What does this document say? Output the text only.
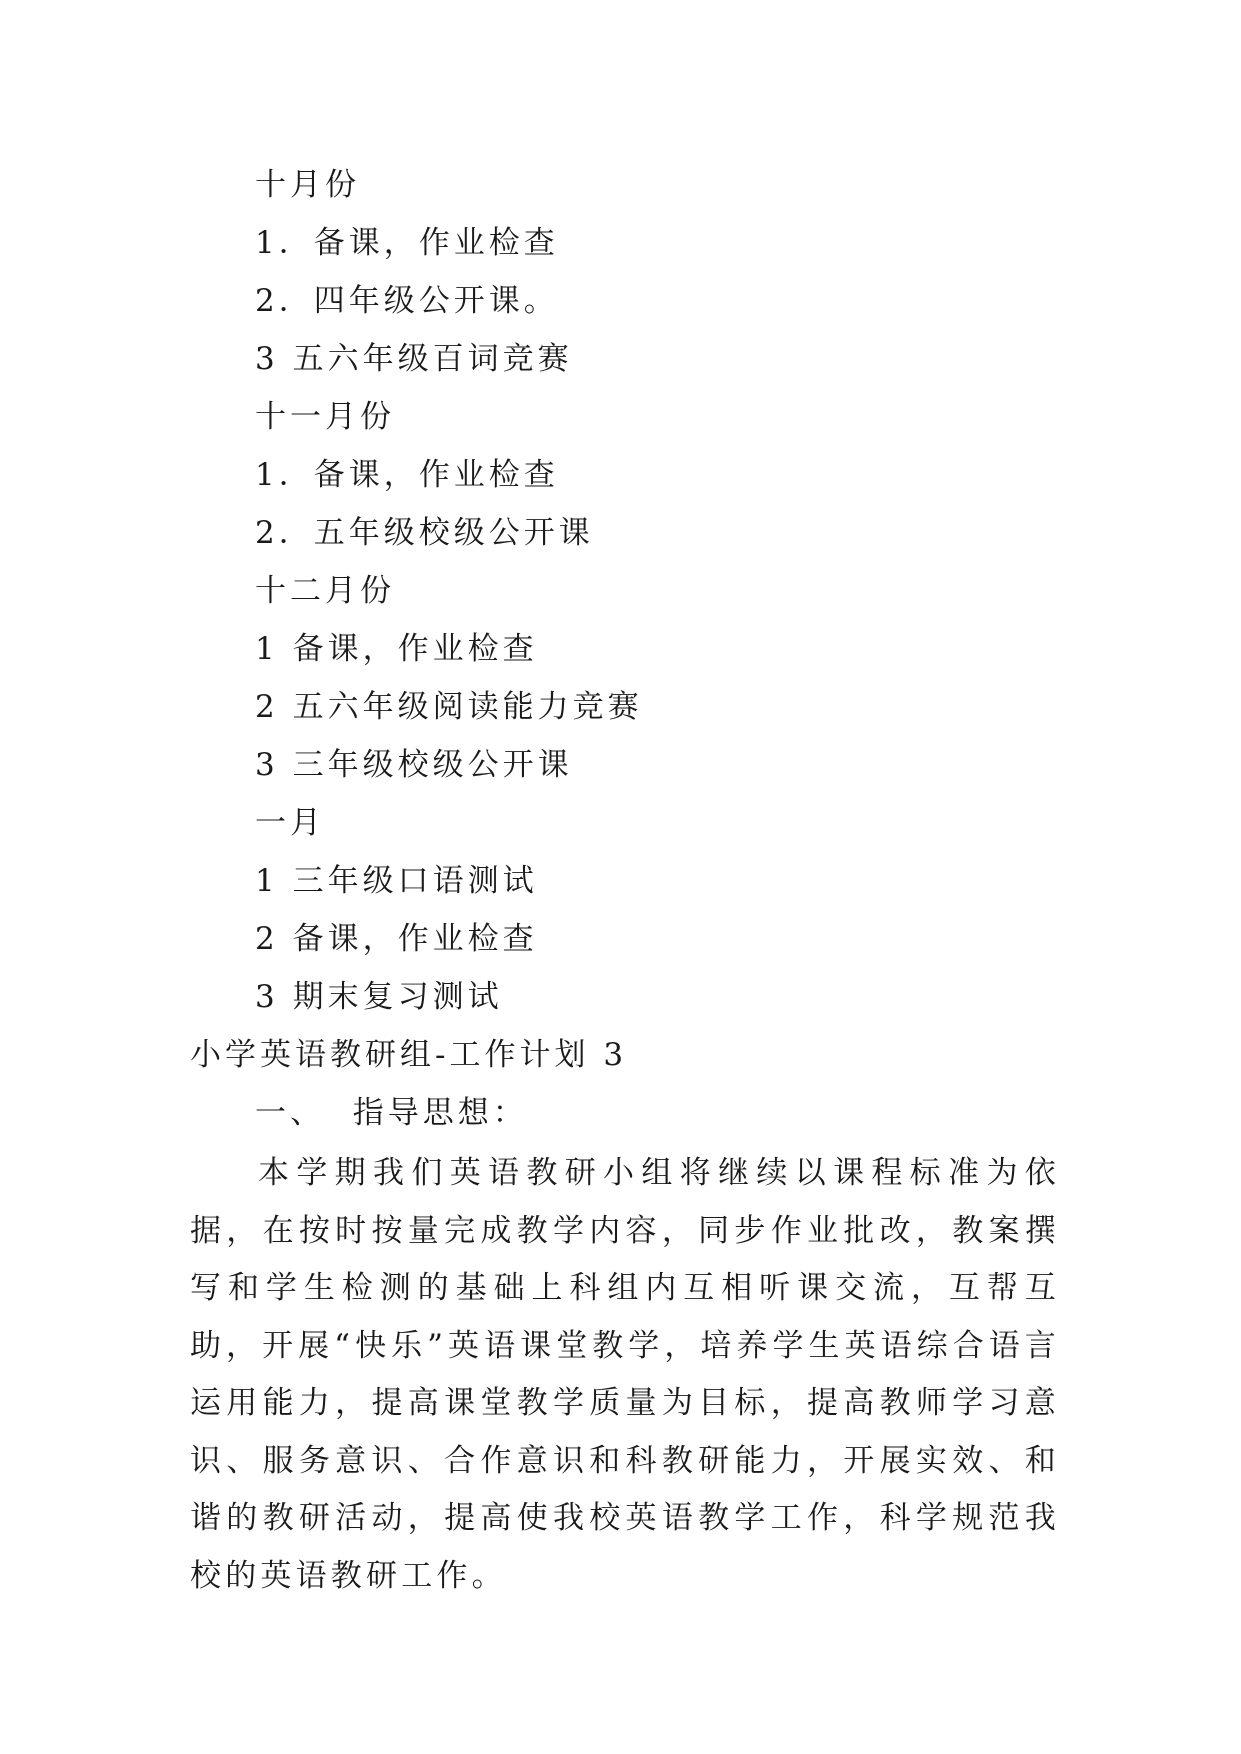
十月份
1．备课，作业检查
2．四年级公开课。
3 五六年级百词竞赛
十一月份
1．备课，作业检查
2．五年级校级公开课
十二月份
1 备课，作业检查
2 五六年级阅读能力竞赛
3 三年级校级公开课
一月
1 三年级口语测试
2 备课，作业检查
3 期末复习测试
小学英语教研组-工作计划 3
一、  指导思想：
本学期我们英语教研小组将继续以课程标准为依据，在按时按量完成教学内容，同步作业批改，教案撰写和学生检测的基础上科组内互相听课交流，互帮互助，开展“快乐”英语课堂教学，培养学生英语综合语言运用能力，提高课堂教学质量为目标，提高教师学习意识、服务意识、合作意识和科教研能力，开展实效、和谐的教研活动，提高使我校英语教学工作，科学规范我校的英语教研工作。
